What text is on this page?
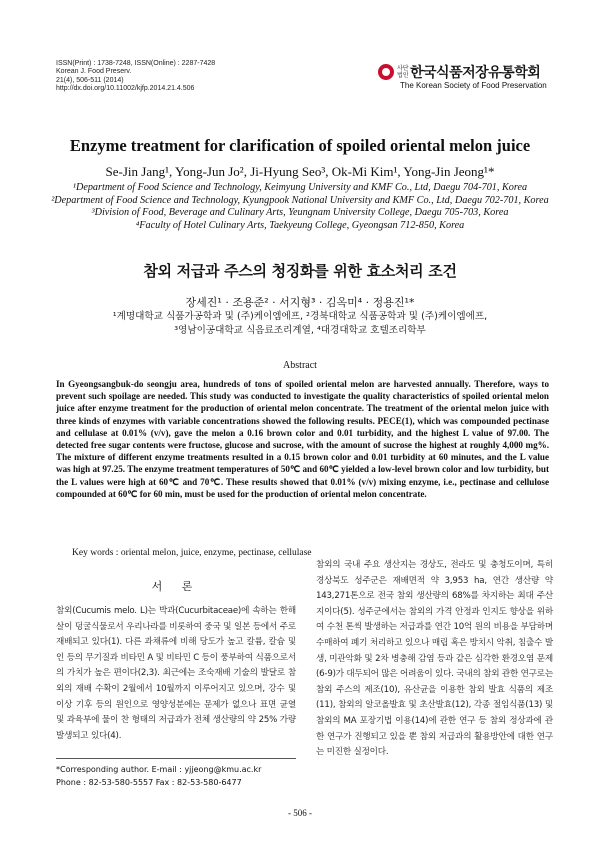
ISSN(Print) : 1738-7248, ISSN(Online) : 2287-7428
Korean J. Food Preserv.
21(4), 506-511 (2014)
http://dx.doi.org/10.11002/kjfp.2014.21.4.506
사단법인 한국식품저장유통학회
The Korean Society of Food Preservation
Enzyme treatment for clarification of spoiled oriental melon juice
Se-Jin Jang¹, Yong-Jun Jo², Ji-Hyung Seo³, Ok-Mi Kim¹, Yong-Jin Jeong¹*
¹Department of Food Science and Technology, Keimyung University and KMF Co., Ltd, Daegu 704-701, Korea
²Department of Food Science and Technology, Kyungpook National University and KMF Co., Ltd, Daegu 702-701, Korea
³Division of Food, Beverage and Culinary Arts, Yeungnam University College, Daegu 705-703, Korea
⁴Faculty of Hotel Culinary Arts, Taekyeung College, Gyeongsan 712-850, Korea
참외 저급과 주스의 청징화를 위한 효소처리 조건
장세진¹ · 조용준² · 서지형³ · 김옥미⁴ · 정용진¹*
¹계명대학교 식품가공학과 및 (주)케이엠에프, ²경북대학교 식품공학과 및 (주)케이엠에프,
³영남이공대학교 식음료조리계열, ⁴대경대학교 호텔조리학부
Abstract
In Gyeongsangbuk-do seongju area, hundreds of tons of spoiled oriental melon are harvested annually. Therefore, ways to prevent such spoilage are needed. This study was conducted to investigate the quality characteristics of spoiled oriental melon juice after enzyme treatment for the production of oriental melon concentrate. The treatment of the oriental melon juice with three kinds of enzymes with variable concentrations showed the following results. PECE(1), which was compounded pectinase and cellulase at 0.01% (v/v), gave the melon a 0.16 brown color and 0.01 turbidity, and the highest L value of 97.00. The detected free sugar contents were fructose, glucose and sucrose, with the amount of sucrose the highest at roughly 4,000 mg%. The mixture of different enzyme treatments resulted in a 0.15 brown color and 0.01 turbidity at 60 minutes, and the L value was high at 97.25. The enzyme treatment temperatures of 50℃ and 60℃ yielded a low-level brown color and low turbidity, but the L values were high at 60℃ and 70℃. These results showed that 0.01% (v/v) mixing enzyme, i.e., pectinase and cellulose compounded at 60℃ for 60 min, must be used for the production of oriental melon concentrate.
Key words : oriental melon, juice, enzyme, pectinase, cellulase
서 론
참외(Cucumis melo. L)는 박과(Cucurbitaceae)에 속하는 한해살이 덩굴식물로서 우리나라를 비롯하여 중국 및 일본 등에서 주로 재배되고 있다(1). 다른 과채류에 비해 당도가 높고 칼륨, 칼슘 및 인 등의 무기질과 비타민 A 및 비타민 C 등이 풍부하여 식품으로서의 가치가 높은 편이다(2,3). 최근에는 조숙재배 기술의 발달로 참외의 재배 수확이 2월에서 10월까지 이루어지고 있으며, 강수 및 이상 기후 등의 원인으로 영양성분에는 문제가 없으나 표면 균열 및 과육부에 물이 찬 형태의 저급과가 전체 생산량의 약 25% 가량 발생되고 있다(4).
참외의 국내 주요 생산지는 경상도, 전라도 및 충청도이며, 특히 경상북도 성주군은 재배면적 약 3,953 ha, 연간 생산량 약 143,271톤으로 전국 참외 생산량의 68%를 차지하는 최대 주산지이다(5). 성주군에서는 참외의 가격 안정과 인지도 향상을 위하여 수천 톤씩 발생하는 저급과를 연간 10억 원의 비용을 부담하며 수매하여 폐기 처리하고 있으나 매립 혹은 방치시 악취, 침출수 발생, 미관악화 및 2차 병충해 감염 등과 같은 심각한 환경오염 문제(6-9)가 대두되어 많은 어려움이 있다. 국내의 참외 관한 연구로는 참외 주스의 제조(10), 유산균을 이용한 참외 발효 식품의 제조(11), 참외의 알코올발효 및 초산발효(12), 각종 절임식품(13) 및 참외의 MA 포장기법 이용(14)에 관한 연구 등 참외 정상과에 관한 연구가 진행되고 있을 뿐 참외 저급과의 활용방안에 대한 연구는 미진한 실정이다.
*Corresponding author. E-mail : yjjeong@kmu.ac.kr
Phone : 82-53-580-5557 Fax : 82-53-580-6477
- 506 -
